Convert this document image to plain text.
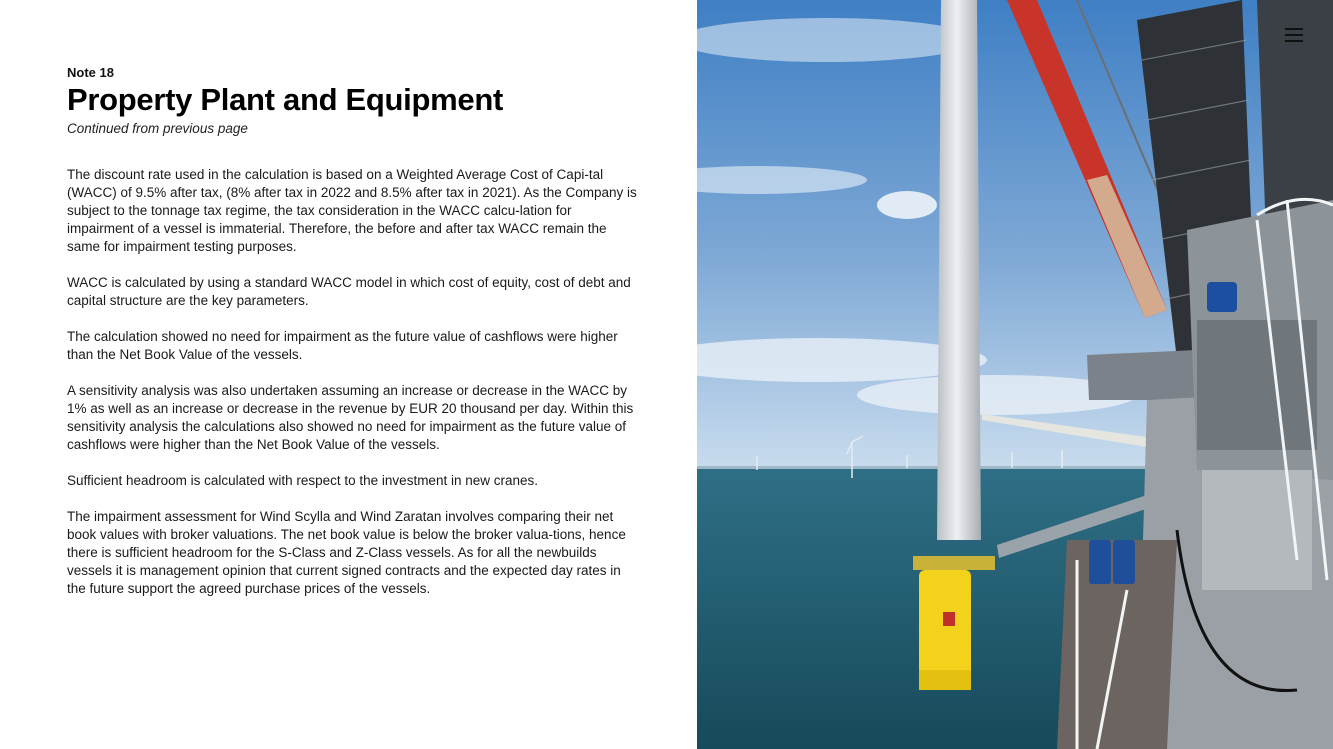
Note 18
Property Plant and Equipment
Continued from previous page

The discount rate used in the calculation is based on a Weighted Average Cost of Capi-tal (WACC) of 9.5% after tax, (8% after tax in 2022 and 8.5% after tax in 2021). As the Company is subject to the tonnage tax regime, the tax consideration in the WACC calcu-lation for impairment of a vessel is immaterial. Therefore, the before and after tax WACC remain the same for impairment testing purposes.

WACC is calculated by using a standard WACC model in which cost of equity, cost of debt and capital structure are the key parameters.

The calculation showed no need for impairment as the future value of cashflows were higher than the Net Book Value of the vessels.

A sensitivity analysis was also undertaken assuming an increase or decrease in the WACC by 1% as well as an increase or decrease in the revenue by EUR 20 thousand per day. Within this sensitivity analysis the calculations also showed no need for impairment as the future value of cashflows were higher than the Net Book Value of the vessels.

Sufficient headroom is calculated with respect to the investment in new cranes.

The impairment assessment for Wind Scylla and Wind Zaratan involves comparing their net book values with broker valuations. The net book value is below the broker valua-tions, hence there is sufficient headroom for the S-Class and Z-Class vessels. As for all the newbuilds vessels it is management opinion that current signed contracts and the expected day rates in the future support the agreed purchase prices of the vessels.
